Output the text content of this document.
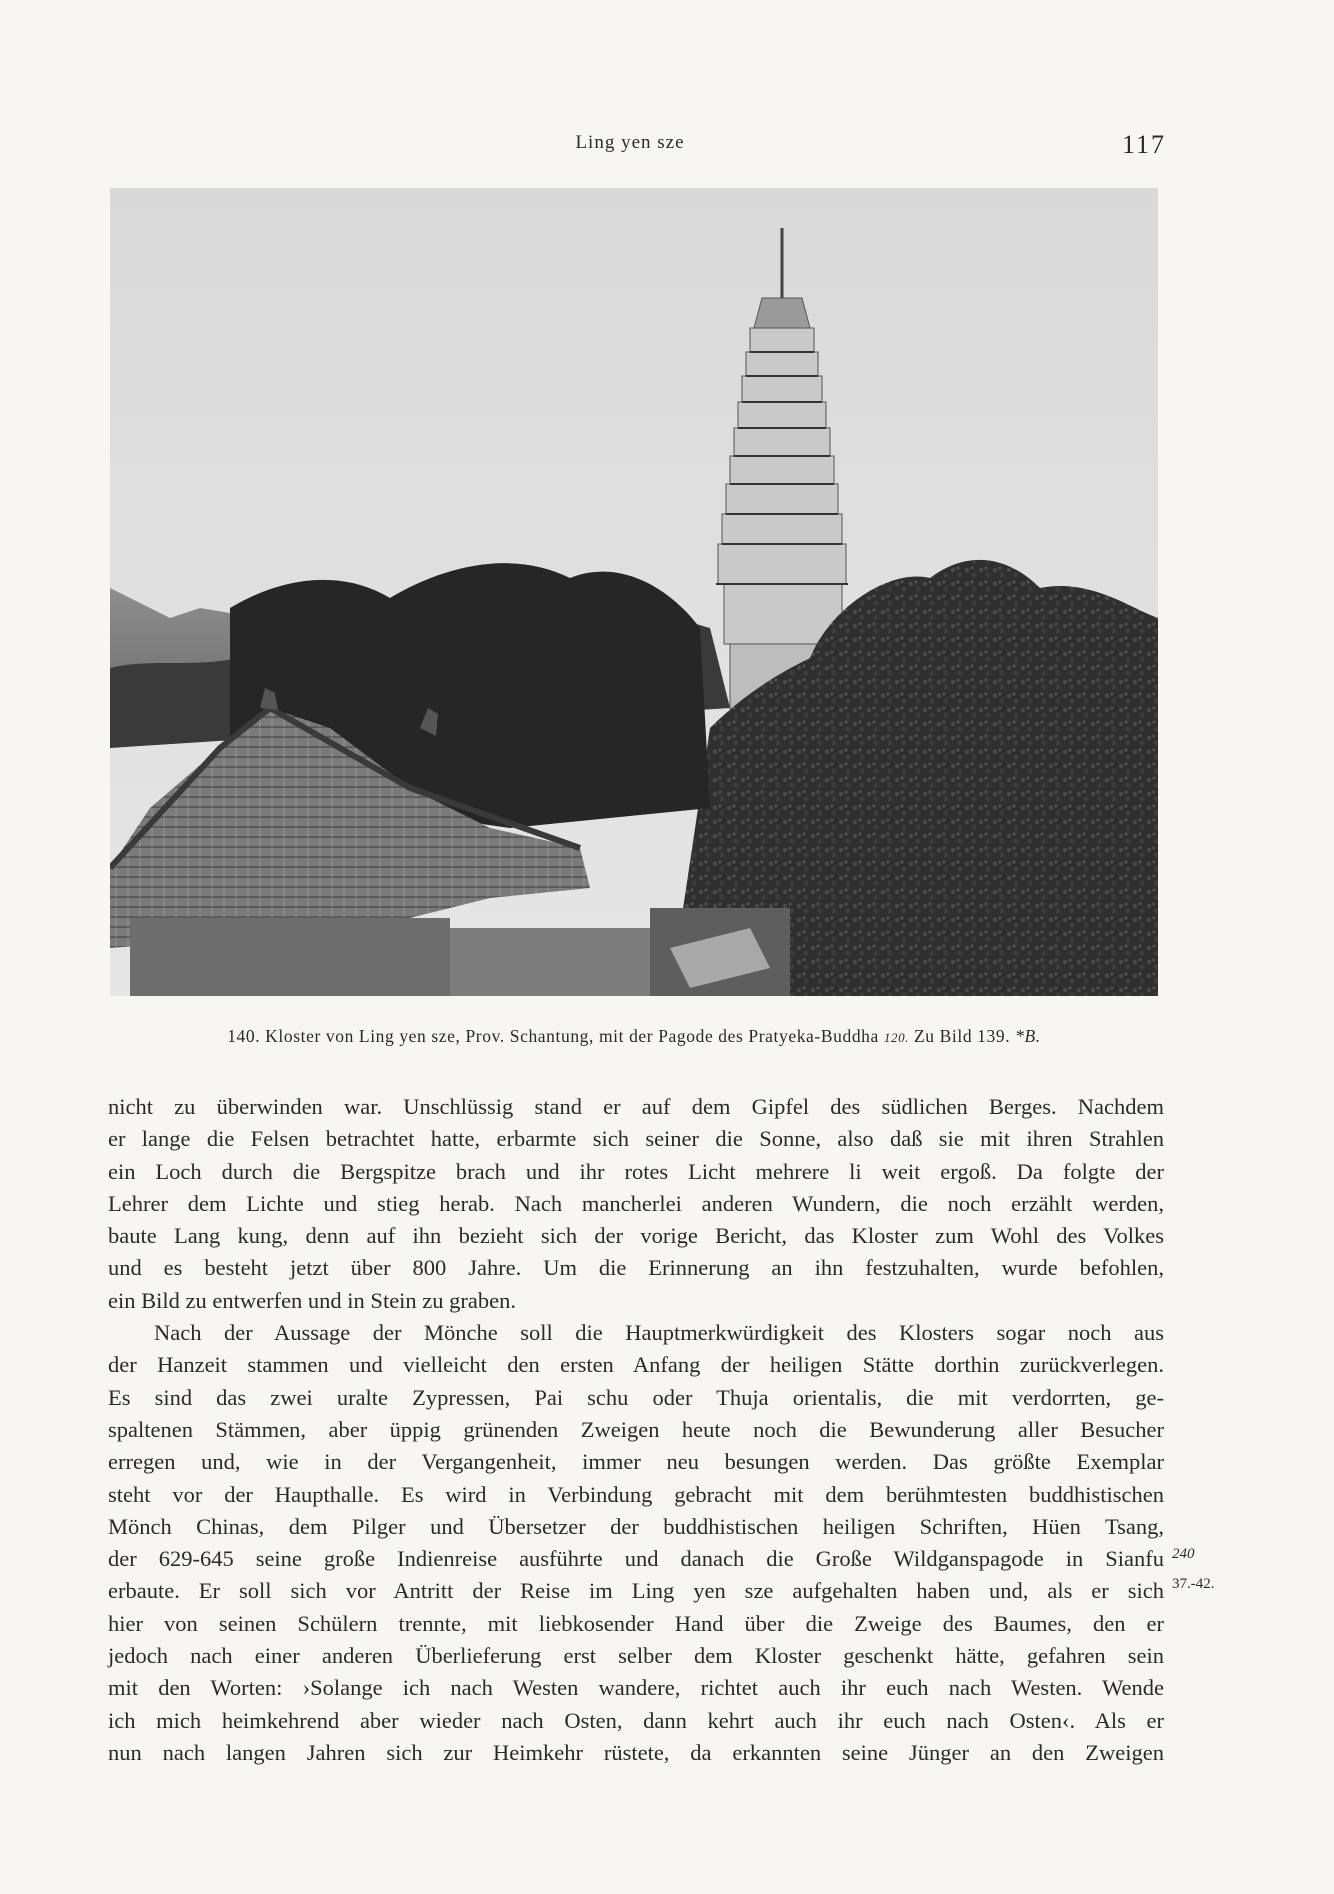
Ling yen sze	117
140. Kloster von Ling yen sze, Prov. Schantung, mit der Pagode des Pratyeka-Buddha 120. Zu Bild 139. *B.
nicht zu überwinden war. Unschlüssig stand er auf dem Gipfel des südlichen Berges. Nachdem
er lange die Felsen betrachtet hatte, erbarmte sich seiner die Sonne, also daß sie mit ihren Strahlen
ein Loch durch die Bergspitze brach und ihr rotes Licht mehrere li weit ergoß. Da folgte der
Lehrer dem Lichte und stieg herab. Nach mancherlei anderen Wundern, die noch erzählt werden,
baute Lang kung, denn auf ihn bezieht sich der vorige Bericht, das Kloster zum Wohl des Volkes
und es besteht jetzt über 800 Jahre. Um die Erinnerung an ihn festzuhalten, wurde befohlen,
ein Bild zu entwerfen und in Stein zu graben.
Nach der Aussage der Mönche soll die Hauptmerkwürdigkeit des Klosters sogar noch aus
der Hanzeit stammen und vielleicht den ersten Anfang der heiligen Stätte dorthin zurückverlegen.
Es sind das zwei uralte Zypressen, Pai schu oder Thuja orientalis, die mit verdorrten, ge-
spaltenen Stämmen, aber üppig grünenden Zweigen heute noch die Bewunderung aller Besucher
erregen und, wie in der Vergangenheit, immer neu besungen werden. Das größte Exemplar
steht vor der Haupthalle. Es wird in Verbindung gebracht mit dem berühmtesten buddhistischen
Mönch Chinas, dem Pilger und Übersetzer der buddhistischen heiligen Schriften, Hüen Tsang,
der 629-645 seine große Indienreise ausführte und danach die Große Wildganspagode in Sianfu
erbaute. Er soll sich vor Antritt der Reise im Ling yen sze aufgehalten haben und, als er sich
hier von seinen Schülern trennte, mit liebkosender Hand über die Zweige des Baumes, den er
jedoch nach einer anderen Überlieferung erst selber dem Kloster geschenkt hätte, gefahren sein
mit den Worten: ›Solange ich nach Westen wandere, richtet auch ihr euch nach Westen. Wende
ich mich heimkehrend aber wieder nach Osten, dann kehrt auch ihr euch nach Osten‹. Als er
nun nach langen Jahren sich zur Heimkehr rüstete, da erkannten seine Jünger an den Zweigen
240
37.-42.
